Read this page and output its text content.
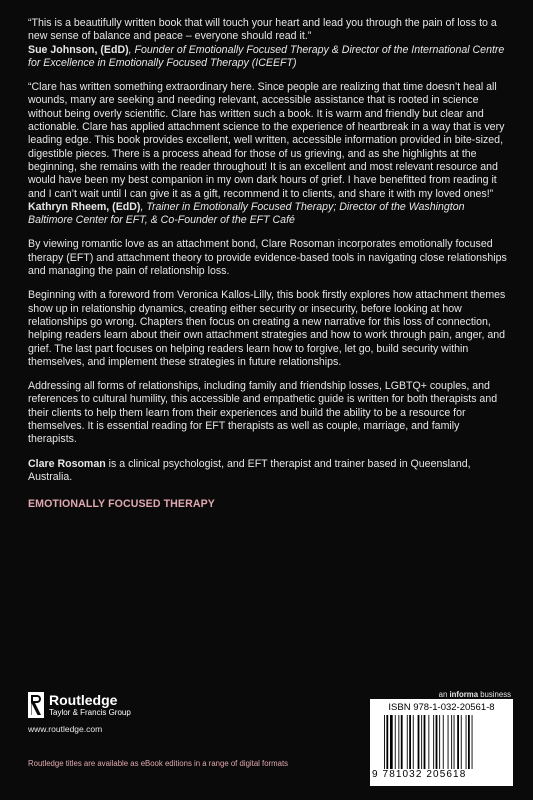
“This is a beautifully written book that will touch your heart and lead you through the pain of loss to a new sense of balance and peace – everyone should read it.”

Sue Johnson, (EdD), Founder of Emotionally Focused Therapy & Director of the International Centre for Excellence in Emotionally Focused Therapy (ICEEFT)

“Clare has written something extraordinary here. Since people are realizing that time doesn’t heal all wounds, many are seeking and needing relevant, accessible assistance that is rooted in science without being overly scientific. Clare has written such a book. It is warm and friendly but clear and actionable. Clare has applied attachment science to the experience of heartbreak in a way that is very leading edge. This book provides excellent, well written, accessible information provided in bite-sized, digestible pieces. There is a process ahead for those of us grieving, and as she highlights at the beginning, she remains with the reader throughout! It is an excellent and most relevant resource and would have been my best companion in my own dark hours of grief. I have benefitted from reading it and I can’t wait until I can give it as a gift, recommend it to clients, and share it with my loved ones!”

Kathryn Rheem, (EdD), Trainer in Emotionally Focused Therapy; Director of the Washington Baltimore Center for EFT, & Co-Founder of the EFT Café

By viewing romantic love as an attachment bond, Clare Rosoman incorporates emotionally focused therapy (EFT) and attachment theory to provide evidence-based tools in navigating close relationships and managing the pain of relationship loss.

Beginning with a foreword from Veronica Kallos-Lilly, this book firstly explores how attachment themes show up in relationship dynamics, creating either security or insecurity, before looking at how relationships go wrong. Chapters then focus on creating a new narrative for this loss of connection, helping readers learn about their own attachment strategies and how to work through pain, anger, and grief. The last part focuses on helping readers learn how to forgive, let go, build security within themselves, and implement these strategies in future relationships.

Addressing all forms of relationships, including family and friendship losses, LGBTQ+ couples, and references to cultural humility, this accessible and empathetic guide is written for both therapists and their clients to help them learn from their experiences and build the ability to be a resource for themselves. It is essential reading for EFT therapists as well as couple, marriage, and family therapists.

Clare Rosoman is a clinical psychologist, and EFT therapist and trainer based in Queensland, Australia.

EMOTIONALLY FOCUSED THERAPY
Routledge
Taylor & Francis Group
www.routledge.com
Routledge titles are available as eBook editions in a range of digital formats
an informa business
ISBN 978-1-032-20561-8
9 781032 205618
